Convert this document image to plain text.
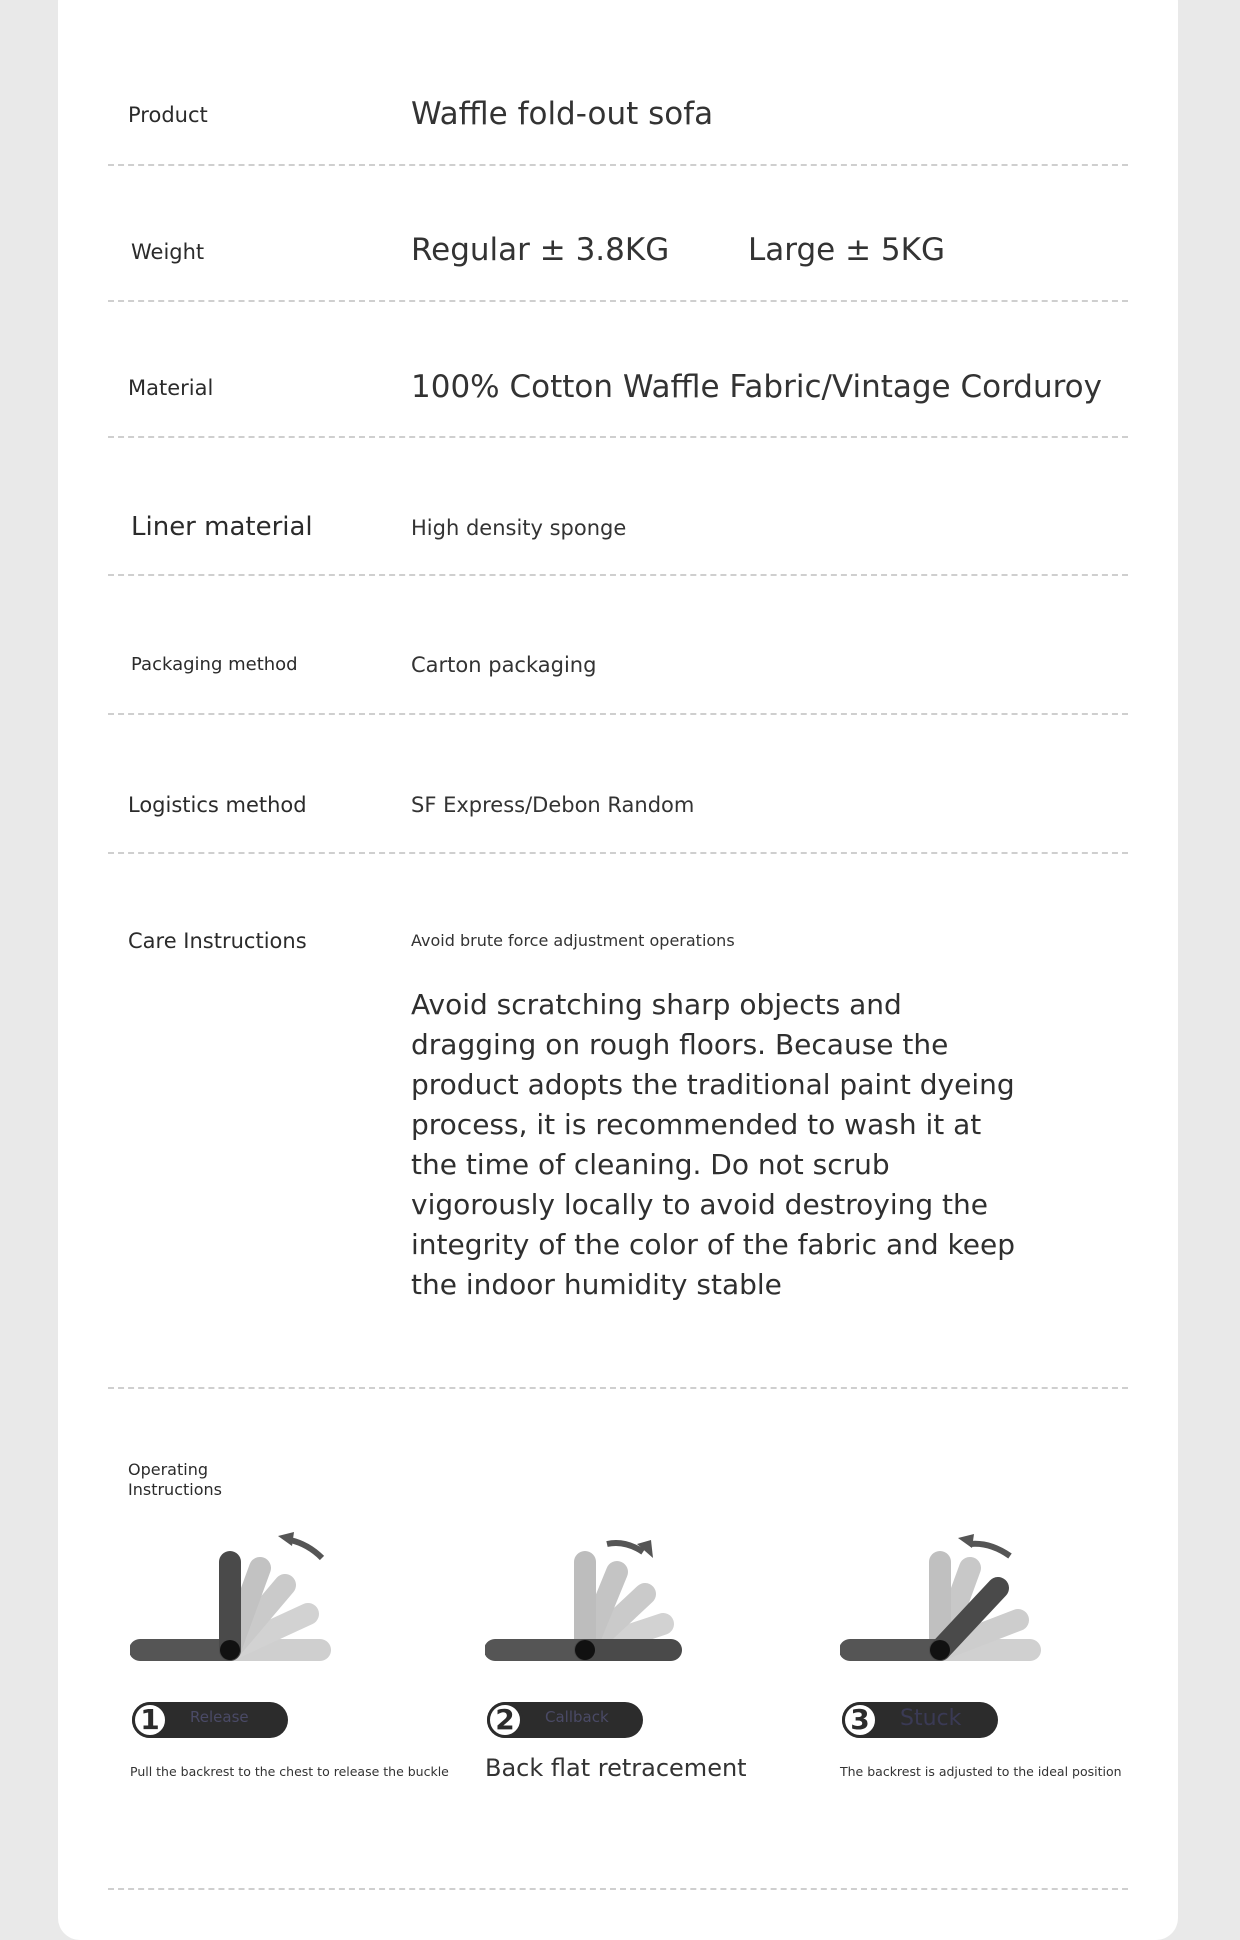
Product	Waffle fold-out sofa
Weight	Regular ± 3.8KG	Large ± 5KG
Material	100% Cotton Waffle Fabric/Vintage Corduroy
Liner material	High density sponge
Packaging method	Carton packaging
Logistics method	SF Express/Debon Random
Care Instructions	Avoid brute force adjustment operations
Avoid scratching sharp objects and dragging on rough floors. Because the product adopts the traditional paint dyeing process, it is recommended to wash it at the time of cleaning. Do not scrub vigorously locally to avoid destroying the integrity of the color of the fabric and keep the indoor humidity stable
Operating Instructions
1	Release
Pull the backrest to the chest to release the buckle
2	Callback
Back flat retracement
3	Stuck
The backrest is adjusted to the ideal position
